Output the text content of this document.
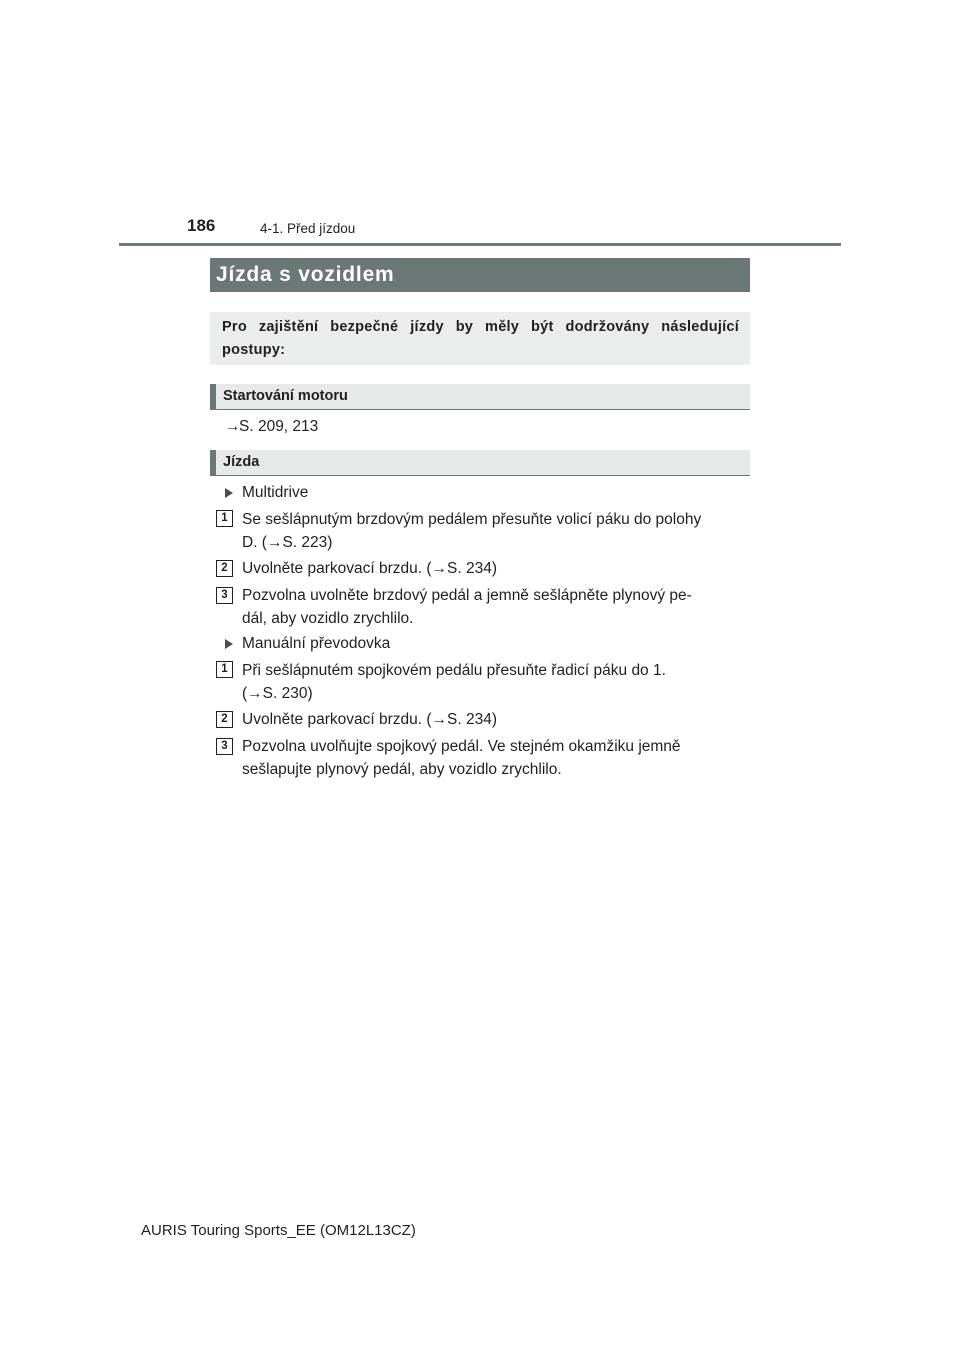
186	4-1. Před jízdou
Jízda s vozidlem
Pro zajištění bezpečné jízdy by měly být dodržovány následující postupy:
Startování motoru
→S. 209, 213
Jízda
Multidrive
1 Se sešlápnutým brzdovým pedálem přesuňte volicí páku do polohy
D. (→S. 223)
2 Uvolněte parkovací brzdu. (→S. 234)
3 Pozvolna uvolněte brzdový pedál a jemně sešlápněte plynový pe-
dál, aby vozidlo zrychlilo.
Manuální převodovka
1 Při sešlápnutém spojkovém pedálu přesuňte řadicí páku do 1.
(→S. 230)
2 Uvolněte parkovací brzdu. (→S. 234)
3 Pozvolna uvolňujte spojkový pedál. Ve stejném okamžiku jemně
sešlapujte plynový pedál, aby vozidlo zrychlilo.
AURIS Touring Sports_EE (OM12L13CZ)
